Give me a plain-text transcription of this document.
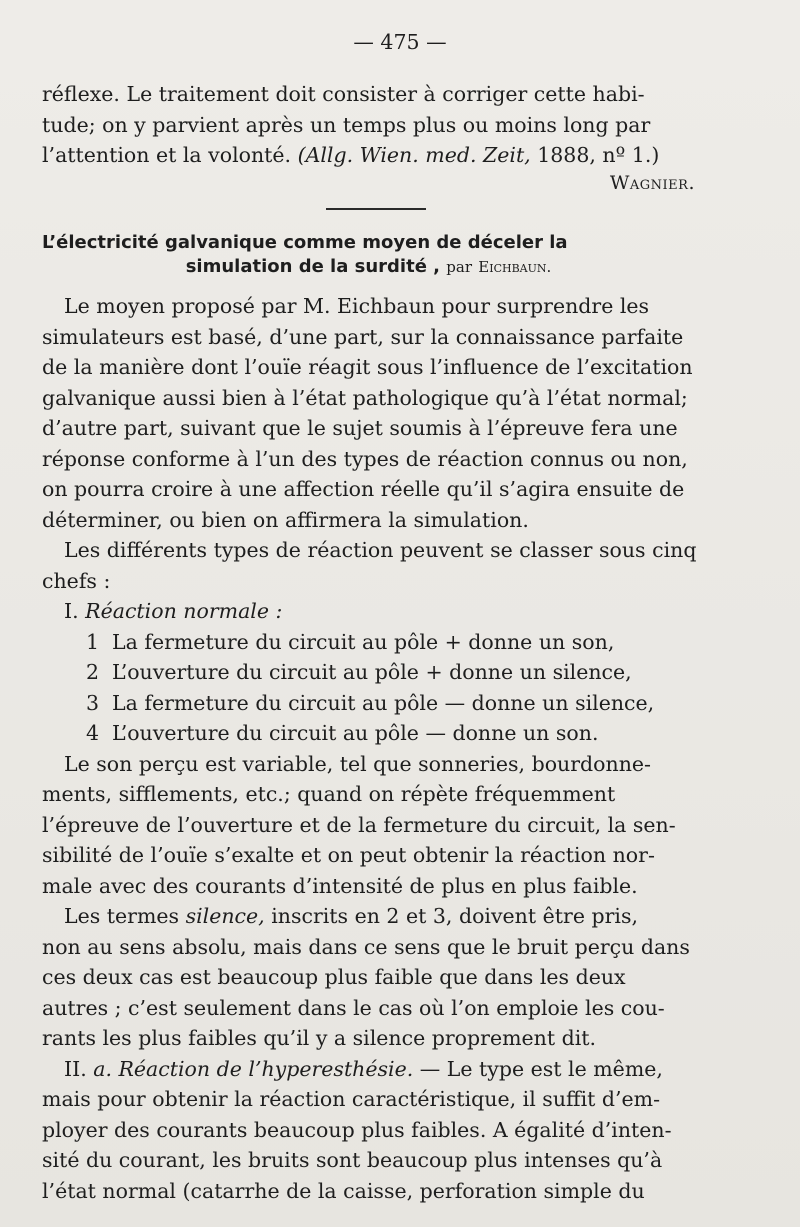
— 475 —
réflexe. Le traitement doit consister à corriger cette habi-
tude; on y parvient après un temps plus ou moins long par
l’attention et la volonté. (Allg. Wien. med. Zeit, 1888, nº 1.)
Wagnier.
L’électricité galvanique comme moyen de déceler la
simulation de la surdité , par Eichbaun.
Le moyen proposé par M. Eichbaun pour surprendre les
simulateurs est basé, d’une part, sur la connaissance parfaite
de la manière dont l’ouïe réagit sous l’influence de l’excitation
galvanique aussi bien à l’état pathologique qu’à l’état normal;
d’autre part, suivant que le sujet soumis à l’épreuve fera une
réponse conforme à l’un des types de réaction connus ou non,
on pourra croire à une affection réelle qu’il s’agira ensuite de
déterminer, ou bien on affirmera la simulation.
Les différents types de réaction peuvent se classer sous cinq
chefs :
I.
Réaction normale :
1 La fermeture du circuit au pôle + donne un son,
2 L’ouverture du circuit au pôle + donne un silence,
3 La fermeture du circuit au pôle — donne un silence,
4 L’ouverture du circuit au pôle — donne un son.
Le son perçu est variable, tel que sonneries, bourdonne-
ments, sifflements, etc.; quand on répète fréquemment
l’épreuve de l’ouverture et de la fermeture du circuit, la sen-
sibilité de l’ouïe s’exalte et on peut obtenir la réaction nor-
male avec des courants d’intensité de plus en plus faible.
Les termes silence, inscrits en 2 et 3, doivent être pris,
non au sens absolu, mais dans ce sens que le bruit perçu dans
ces deux cas est beaucoup plus faible que dans les deux
autres ; c’est seulement dans le cas où l’on emploie les cou-
rants les plus faibles qu’il y a silence proprement dit.
II. a. Réaction de l’hyperesthésie. — Le type est le même,
mais pour obtenir la réaction caractéristique, il suffit d’em-
ployer des courants beaucoup plus faibles. A égalité d’inten-
sité du courant, les bruits sont beaucoup plus intenses qu’à
l’état normal (catarrhe de la caisse, perforation simple du
